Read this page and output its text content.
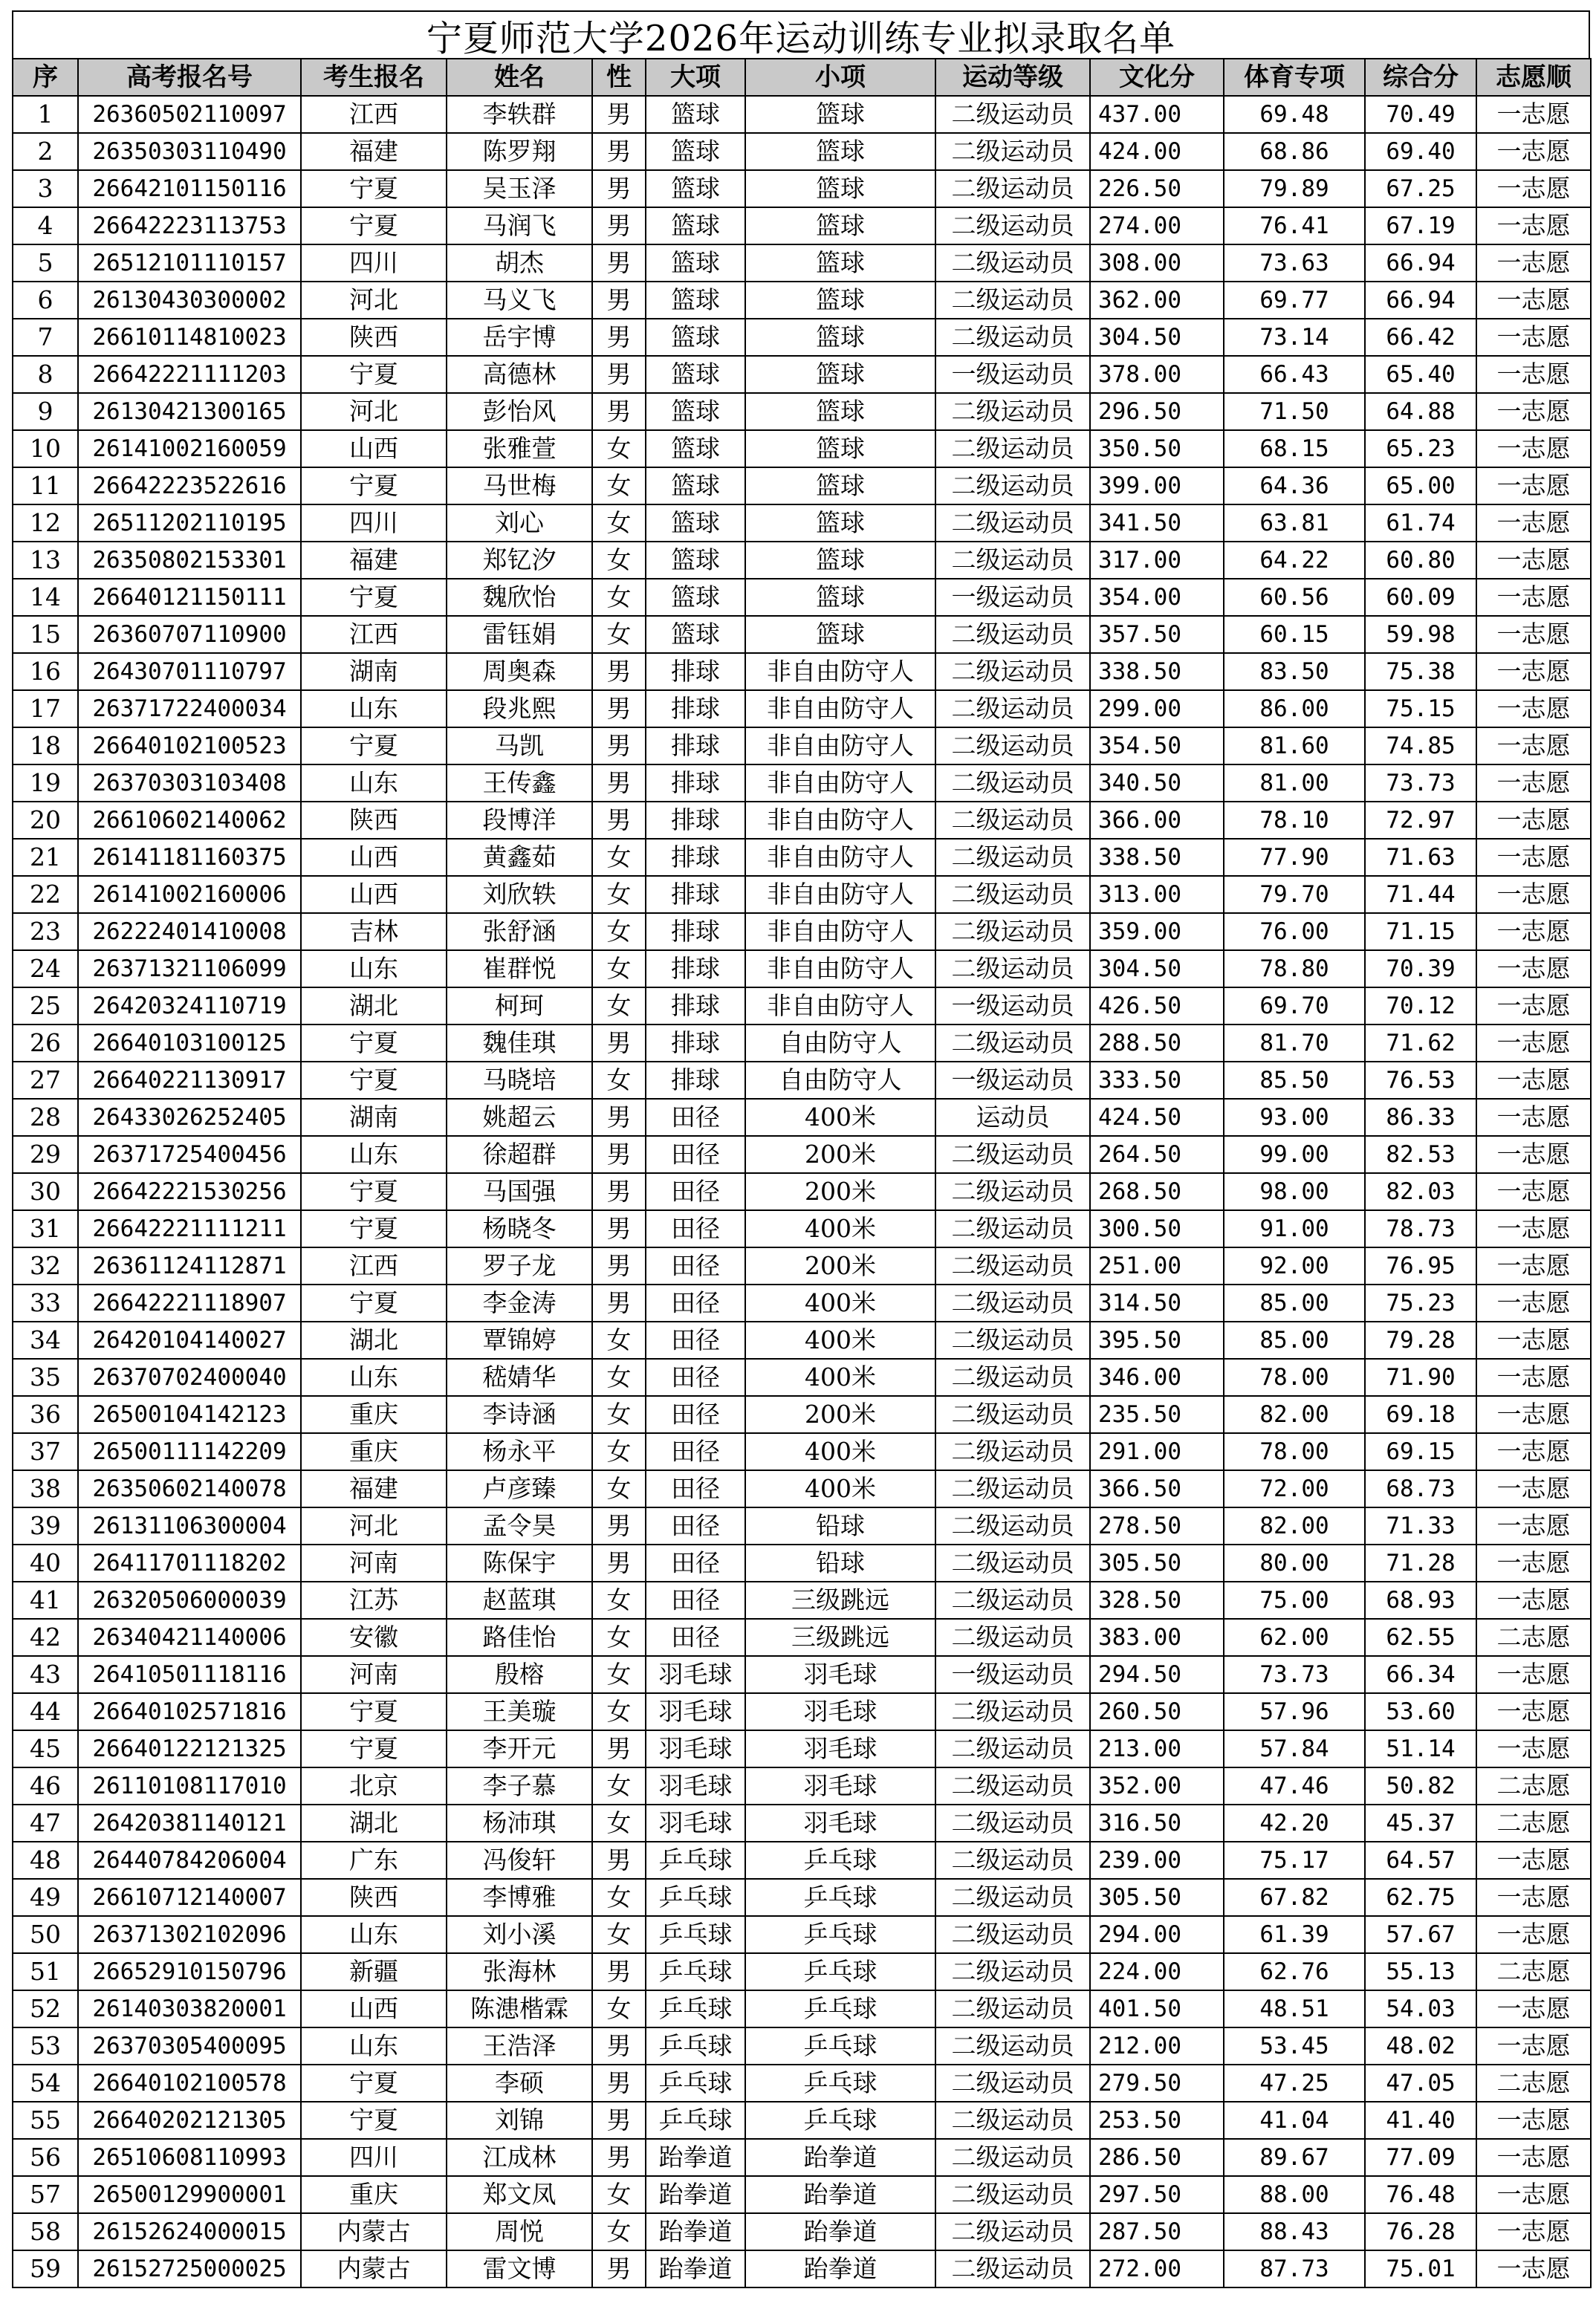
宁夏师范大学2026年运动训练专业拟录取名单
序	高考报名号	考生报名	姓名	性	大项	小项	运动等级	文化分	体育专项	综合分	志愿顺
1	26360502110097	江西	李轶群	男	篮球	篮球	二级运动员	437.00	69.48	70.49	一志愿
2	26350303110490	福建	陈罗翔	男	篮球	篮球	二级运动员	424.00	68.86	69.40	一志愿
3	26642101150116	宁夏	吴玉泽	男	篮球	篮球	二级运动员	226.50	79.89	67.25	一志愿
4	26642223113753	宁夏	马润飞	男	篮球	篮球	二级运动员	274.00	76.41	67.19	一志愿
5	26512101110157	四川	胡杰	男	篮球	篮球	二级运动员	308.00	73.63	66.94	一志愿
6	26130430300002	河北	马义飞	男	篮球	篮球	二级运动员	362.00	69.77	66.94	一志愿
7	26610114810023	陕西	岳宇博	男	篮球	篮球	二级运动员	304.50	73.14	66.42	一志愿
8	26642221111203	宁夏	高德林	男	篮球	篮球	一级运动员	378.00	66.43	65.40	一志愿
9	26130421300165	河北	彭怡风	男	篮球	篮球	二级运动员	296.50	71.50	64.88	一志愿
10	26141002160059	山西	张雅萱	女	篮球	篮球	二级运动员	350.50	68.15	65.23	一志愿
11	26642223522616	宁夏	马世梅	女	篮球	篮球	二级运动员	399.00	64.36	65.00	一志愿
12	26511202110195	四川	刘心	女	篮球	篮球	二级运动员	341.50	63.81	61.74	一志愿
13	26350802153301	福建	郑钇汐	女	篮球	篮球	二级运动员	317.00	64.22	60.80	一志愿
14	26640121150111	宁夏	魏欣怡	女	篮球	篮球	一级运动员	354.00	60.56	60.09	一志愿
15	26360707110900	江西	雷钰娟	女	篮球	篮球	二级运动员	357.50	60.15	59.98	一志愿
16	26430701110797	湖南	周奥森	男	排球	非自由防守人	二级运动员	338.50	83.50	75.38	一志愿
17	26371722400034	山东	段兆熙	男	排球	非自由防守人	二级运动员	299.00	86.00	75.15	一志愿
18	26640102100523	宁夏	马凯	男	排球	非自由防守人	二级运动员	354.50	81.60	74.85	一志愿
19	26370303103408	山东	王传鑫	男	排球	非自由防守人	二级运动员	340.50	81.00	73.73	一志愿
20	26610602140062	陕西	段博洋	男	排球	非自由防守人	二级运动员	366.00	78.10	72.97	一志愿
21	26141181160375	山西	黄鑫茹	女	排球	非自由防守人	二级运动员	338.50	77.90	71.63	一志愿
22	26141002160006	山西	刘欣轶	女	排球	非自由防守人	二级运动员	313.00	79.70	71.44	一志愿
23	26222401410008	吉林	张舒涵	女	排球	非自由防守人	二级运动员	359.00	76.00	71.15	一志愿
24	26371321106099	山东	崔群悦	女	排球	非自由防守人	二级运动员	304.50	78.80	70.39	一志愿
25	26420324110719	湖北	柯珂	女	排球	非自由防守人	一级运动员	426.50	69.70	70.12	一志愿
26	26640103100125	宁夏	魏佳琪	男	排球	自由防守人	二级运动员	288.50	81.70	71.62	一志愿
27	26640221130917	宁夏	马晓培	女	排球	自由防守人	一级运动员	333.50	85.50	76.53	一志愿
28	26433026252405	湖南	姚超云	男	田径	400米	运动员	424.50	93.00	86.33	一志愿
29	26371725400456	山东	徐超群	男	田径	200米	二级运动员	264.50	99.00	82.53	一志愿
30	26642221530256	宁夏	马国强	男	田径	200米	二级运动员	268.50	98.00	82.03	一志愿
31	26642221111211	宁夏	杨晓冬	男	田径	400米	二级运动员	300.50	91.00	78.73	一志愿
32	26361124112871	江西	罗子龙	男	田径	200米	二级运动员	251.00	92.00	76.95	一志愿
33	26642221118907	宁夏	李金涛	男	田径	400米	二级运动员	314.50	85.00	75.23	一志愿
34	26420104140027	湖北	覃锦婷	女	田径	400米	二级运动员	395.50	85.00	79.28	一志愿
35	26370702400040	山东	嵇婧华	女	田径	400米	二级运动员	346.00	78.00	71.90	一志愿
36	26500104142123	重庆	李诗涵	女	田径	200米	二级运动员	235.50	82.00	69.18	一志愿
37	26500111142209	重庆	杨永平	女	田径	400米	二级运动员	291.00	78.00	69.15	一志愿
38	26350602140078	福建	卢彦臻	女	田径	400米	二级运动员	366.50	72.00	68.73	一志愿
39	26131106300004	河北	孟令昊	男	田径	铅球	二级运动员	278.50	82.00	71.33	一志愿
40	26411701118202	河南	陈保宇	男	田径	铅球	二级运动员	305.50	80.00	71.28	一志愿
41	26320506000039	江苏	赵蓝琪	女	田径	三级跳远	二级运动员	328.50	75.00	68.93	一志愿
42	26340421140006	安徽	路佳怡	女	田径	三级跳远	二级运动员	383.00	62.00	62.55	二志愿
43	26410501118116	河南	殷榕	女	羽毛球	羽毛球	一级运动员	294.50	73.73	66.34	一志愿
44	26640102571816	宁夏	王美璇	女	羽毛球	羽毛球	二级运动员	260.50	57.96	53.60	一志愿
45	26640122121325	宁夏	李开元	男	羽毛球	羽毛球	二级运动员	213.00	57.84	51.14	一志愿
46	26110108117010	北京	李子慕	女	羽毛球	羽毛球	二级运动员	352.00	47.46	50.82	二志愿
47	26420381140121	湖北	杨沛琪	女	羽毛球	羽毛球	二级运动员	316.50	42.20	45.37	二志愿
48	26440784206004	广东	冯俊轩	男	乒乓球	乒乓球	二级运动员	239.00	75.17	64.57	一志愿
49	26610712140007	陕西	李博雅	女	乒乓球	乒乓球	二级运动员	305.50	67.82	62.75	一志愿
50	26371302102096	山东	刘小溪	女	乒乓球	乒乓球	二级运动员	294.00	61.39	57.67	一志愿
51	26652910150796	新疆	张海林	男	乒乓球	乒乓球	二级运动员	224.00	62.76	55.13	二志愿
52	26140303820001	山西	陈漶楷霖	女	乒乓球	乒乓球	二级运动员	401.50	48.51	54.03	一志愿
53	26370305400095	山东	王浩泽	男	乒乓球	乒乓球	二级运动员	212.00	53.45	48.02	一志愿
54	26640102100578	宁夏	李硕	男	乒乓球	乒乓球	二级运动员	279.50	47.25	47.05	二志愿
55	26640202121305	宁夏	刘锦	男	乒乓球	乒乓球	二级运动员	253.50	41.04	41.40	一志愿
56	26510608110993	四川	江成林	男	跆拳道	跆拳道	二级运动员	286.50	89.67	77.09	一志愿
57	26500129900001	重庆	郑文凤	女	跆拳道	跆拳道	二级运动员	297.50	88.00	76.48	一志愿
58	26152624000015	内蒙古	周悦	女	跆拳道	跆拳道	二级运动员	287.50	88.43	76.28	一志愿
59	26152725000025	内蒙古	雷文博	男	跆拳道	跆拳道	二级运动员	272.00	87.73	75.01	一志愿
